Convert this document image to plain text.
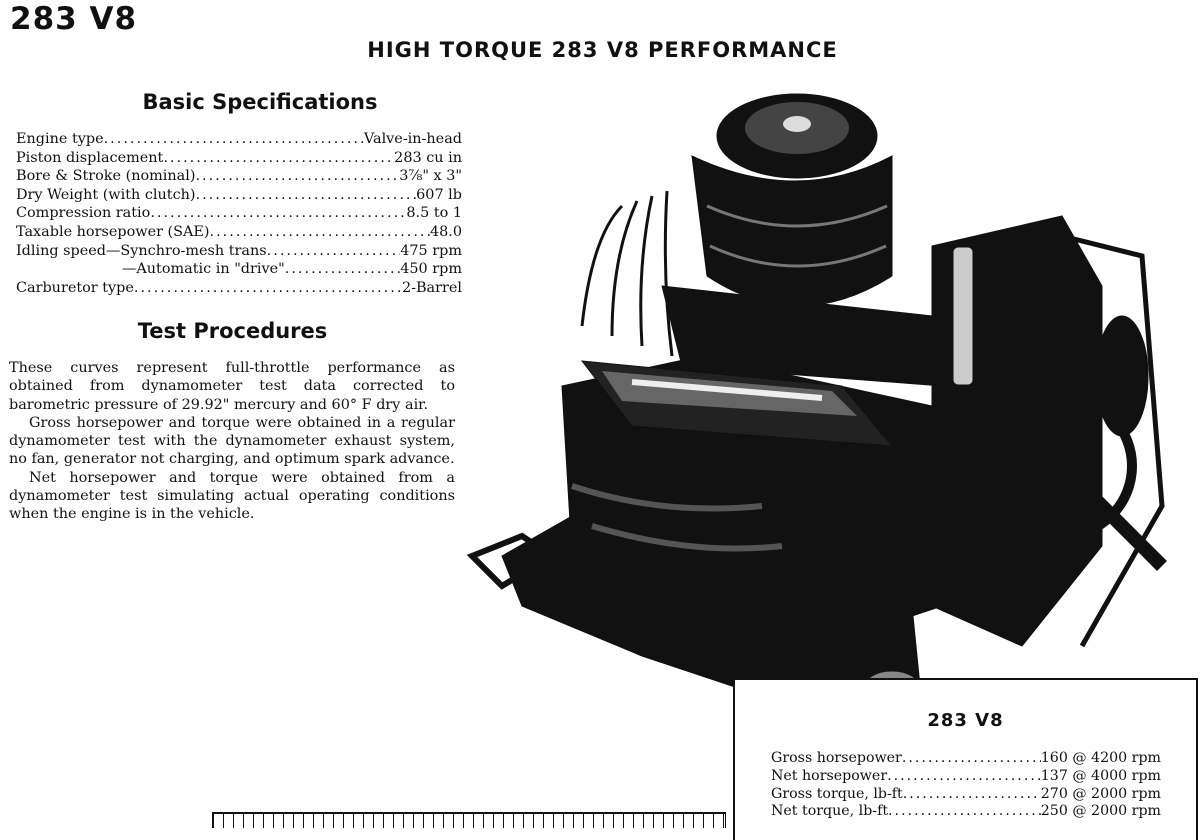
283 V8
HIGH TORQUE 283 V8 PERFORMANCE
Basic Specifications
Engine type .....	Valve-in-head
Piston displacement .....	283 cu in
Bore & Stroke (nominal) .....	3⅞" x 3"
Dry Weight (with clutch) .....	607 lb
Compression ratio .....	8.5 to 1
Taxable horsepower (SAE) .....	48.0
Idling speed—Synchro-mesh trans .....	475 rpm
—Automatic in "drive" .....	450 rpm
Carburetor type .....	2-Barrel
Test Procedures

These curves represent full-throttle performance as obtained from dynamometer test data corrected to barometric pressure of 29.92" mercury and 60° F dry air.

Gross horsepower and torque were obtained in a regular dynamometer test with the dynamometer exhaust system, no fan, generator not charging, and optimum spark advance.

Net horsepower and torque were obtained from a dynamometer test simulating actual operating conditions when the engine is in the vehicle.

283 V8
Gross horsepower .....	160 @ 4200 rpm
Net horsepower .....	137 @ 4000 rpm
Gross torque, lb-ft .....	270 @ 2000 rpm
Net torque, lb-ft .....	250 @ 2000 rpm
